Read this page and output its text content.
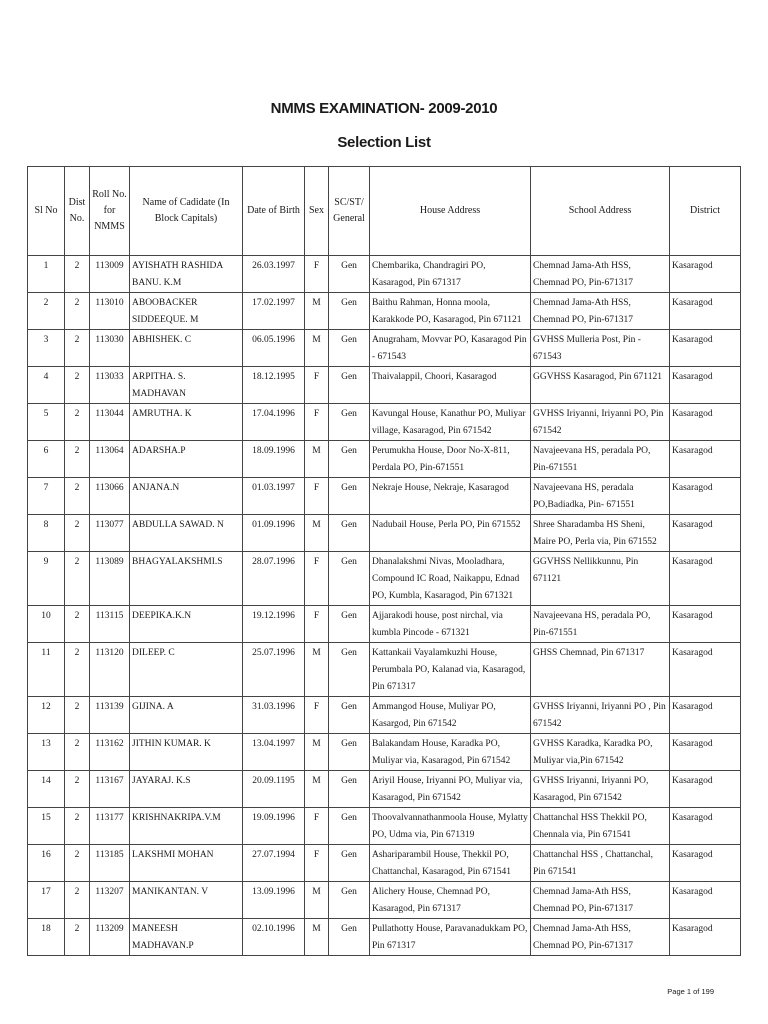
NMMS EXAMINATION- 2009-2010
Selection List
Sl No	Dist No.	Roll No. for NMMS	Name of Cadidate (In Block Capitals)	Date of Birth	Sex	SC/ST/ General	House Address	School Address	District
1	2	113009	AYISHATH RASHIDA BANU. K.M	26.03.1997	F	Gen	Chembarika, Chandragiri PO, Kasaragod, Pin 671317	Chemnad Jama-Ath HSS, Chemnad PO, Pin-671317	Kasaragod
2	2	113010	ABOOBACKER SIDDEEQUE. M	17.02.1997	M	Gen	Baithu Rahman, Honna moola, Karakkode PO, Kasaragod, Pin 671121	Chemnad Jama-Ath HSS, Chemnad PO, Pin-671317	Kasaragod
3	2	113030	ABHISHEK. C	06.05.1996	M	Gen	Anugraham, Movvar PO, Kasaragod Pin - 671543	GVHSS Mulleria Post, Pin - 671543	Kasaragod
4	2	113033	ARPITHA. S. MADHAVAN	18.12.1995	F	Gen	Thaivalappil, Choori, Kasaragod	GGVHSS Kasaragod, Pin 671121	Kasaragod
5	2	113044	AMRUTHA. K	17.04.1996	F	Gen	Kavungal House, Kanathur PO, Muliyar village, Kasaragod, Pin 671542	GVHSS Iriyanni, Iriyanni PO, Pin 671542	Kasaragod
6	2	113064	ADARSHA.P	18.09.1996	M	Gen	Perumukha House, Door No-X-811, Perdala PO, Pin-671551	Navajeevana HS, peradala PO, Pin-671551	Kasaragod
7	2	113066	ANJANA.N	01.03.1997	F	Gen	Nekraje House, Nekraje, Kasaragod	Navajeevana HS, peradala PO,Badiadka, Pin- 671551	Kasaragod
8	2	113077	ABDULLA SAWAD. N	01.09.1996	M	Gen	Nadubail House, Perla PO, Pin 671552	Shree Sharadamba HS Sheni, Maire PO, Perla via, Pin 671552	Kasaragod
9	2	113089	BHAGYALAKSHMI.S	28.07.1996	F	Gen	Dhanalakshmi Nivas, Mooladhara, Compound IC Road, Naikappu, Ednad PO, Kumbla, Kasaragod, Pin 671321	GGVHSS Nellikkunnu, Pin 671121	Kasaragod
10	2	113115	DEEPIKA.K.N	19.12.1996	F	Gen	Ajjarakodi house, post nirchal, via kumbla Pincode - 671321	Navajeevana HS, peradala PO, Pin-671551	Kasaragod
11	2	113120	DILEEP. C	25.07.1996	M	Gen	Kattankaii Vayalamkuzhi House, Perumbala PO, Kalanad via, Kasaragod, Pin 671317	GHSS Chemnad, Pin 671317	Kasaragod
12	2	113139	GIJINA. A	31.03.1996	F	Gen	Ammangod House, Muliyar PO, Kasargod, Pin 671542	GVHSS Iriyanni, Iriyanni PO , Pin 671542	Kasaragod
13	2	113162	JITHIN KUMAR. K	13.04.1997	M	Gen	Balakandam House, Karadka PO, Muliyar via, Kasaragod, Pin 671542	GVHSS Karadka, Karadka PO, Muliyar via,Pin 671542	Kasaragod
14	2	113167	JAYARAJ. K.S	20.09.1195	M	Gen	Ariyil House, Iriyanni PO, Muliyar via, Kasaragod, Pin 671542	GVHSS Iriyanni, Iriyanni PO, Kasaragod, Pin 671542	Kasaragod
15	2	113177	KRISHNAKRIPA.V.M	19.09.1996	F	Gen	Thoovalvannathanmoola House, Mylatty PO, Udma via, Pin 671319	Chattanchal HSS Thekkil PO, Chennala via, Pin 671541	Kasaragod
16	2	113185	LAKSHMI MOHAN	27.07.1994	F	Gen	Ashariparambil House, Thekkil PO, Chattanchal, Kasaragod, Pin 671541	Chattanchal HSS , Chattanchal, Pin 671541	Kasaragod
17	2	113207	MANIKANTAN. V	13.09.1996	M	Gen	Alichery House, Chemnad PO, Kasaragod, Pin 671317	Chemnad Jama-Ath HSS, Chemnad PO, Pin-671317	Kasaragod
18	2	113209	MANEESH MADHAVAN.P	02.10.1996	M	Gen	Pullathotty House, Paravanadukkam PO, Pin 671317	Chemnad Jama-Ath HSS, Chemnad PO, Pin-671317	Kasaragod
Page 1 of 199
